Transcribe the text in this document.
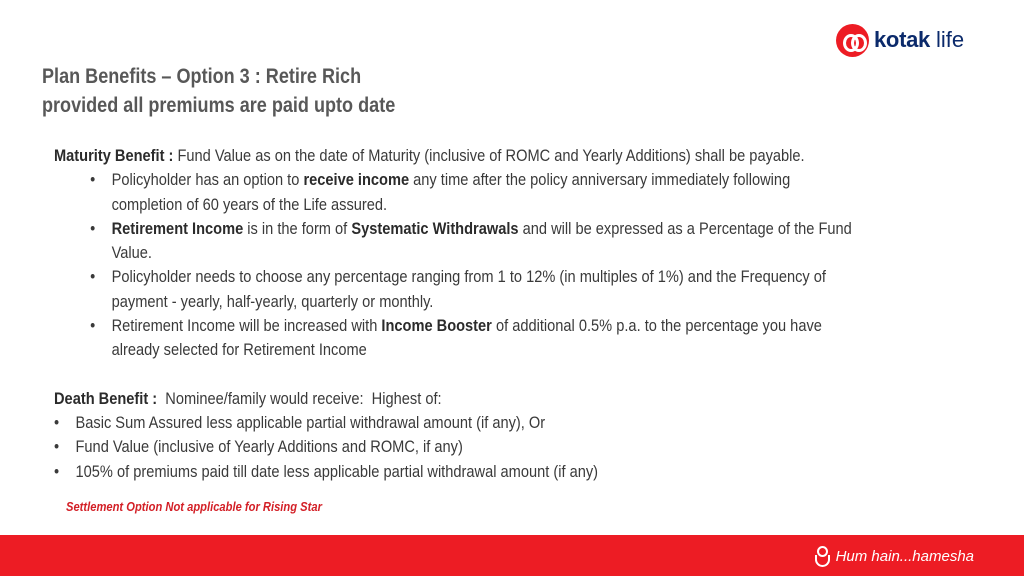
Plan Benefits – Option 3 : Retire Rich
provided all premiums are paid upto date
kotak life

Maturity Benefit : Fund Value as on the date of Maturity (inclusive of ROMC and Yearly Additions) shall be payable.

• Policyholder has an option to receive income any time after the policy anniversary immediately following completion of 60 years of the Life assured.
• Retirement Income is in the form of Systematic Withdrawals and will be expressed as a Percentage of the Fund Value.
• Policyholder needs to choose any percentage ranging from 1 to 12% (in multiples of 1%) and the Frequency of payment - yearly, half-yearly, quarterly or monthly.
• Retirement Income will be increased with Income Booster of additional 0.5% p.a. to the percentage you have already selected for Retirement Income

Death Benefit :  Nominee/family would receive:  Highest of:

• Basic Sum Assured less applicable partial withdrawal amount (if any), Or
• Fund Value (inclusive of Yearly Additions and ROMC, if any)
• 105% of premiums paid till date less applicable partial withdrawal amount (if any)
Settlement Option Not applicable for Rising Star
Hum hain...hamesha
